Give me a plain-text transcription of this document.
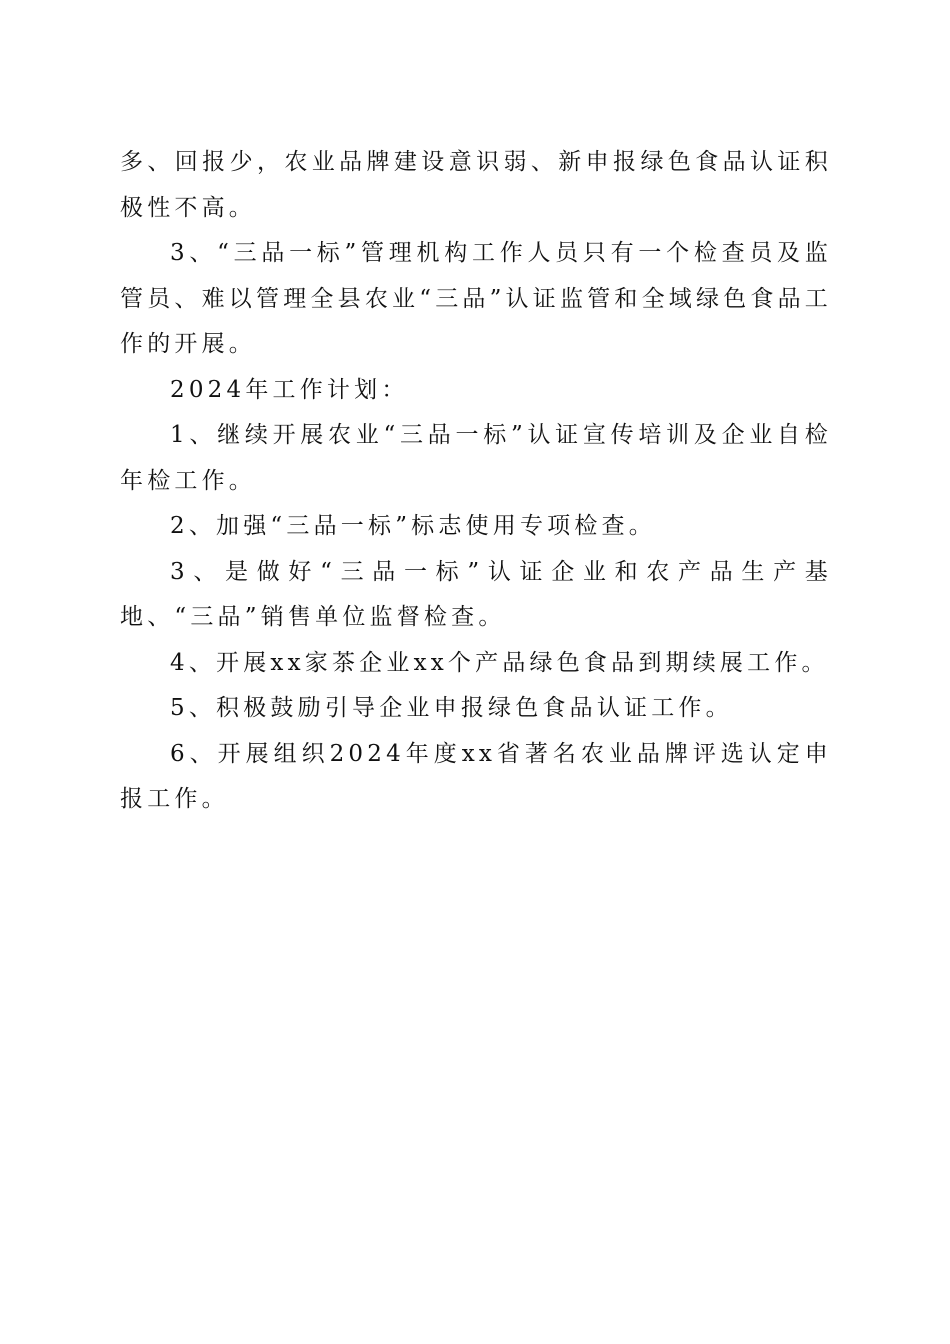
多、回报少，农业品牌建设意识弱、新申报绿色食品认证积极性不高。

3、“三品一标”管理机构工作人员只有一个检查员及监管员、难以管理全县农业“三品”认证监管和全域绿色食品工作的开展。

2024年工作计划：

1、继续开展农业“三品一标”认证宣传培训及企业自检年检工作。

2、加强“三品一标”标志使用专项检查。

3、是做好“三品一标”认证企业和农产品生产基地、“三品”销售单位监督检查。

4、开展xx家茶企业xx个产品绿色食品到期续展工作。

5、积极鼓励引导企业申报绿色食品认证工作。

6、开展组织2024年度xx省著名农业品牌评选认定申报工作。
